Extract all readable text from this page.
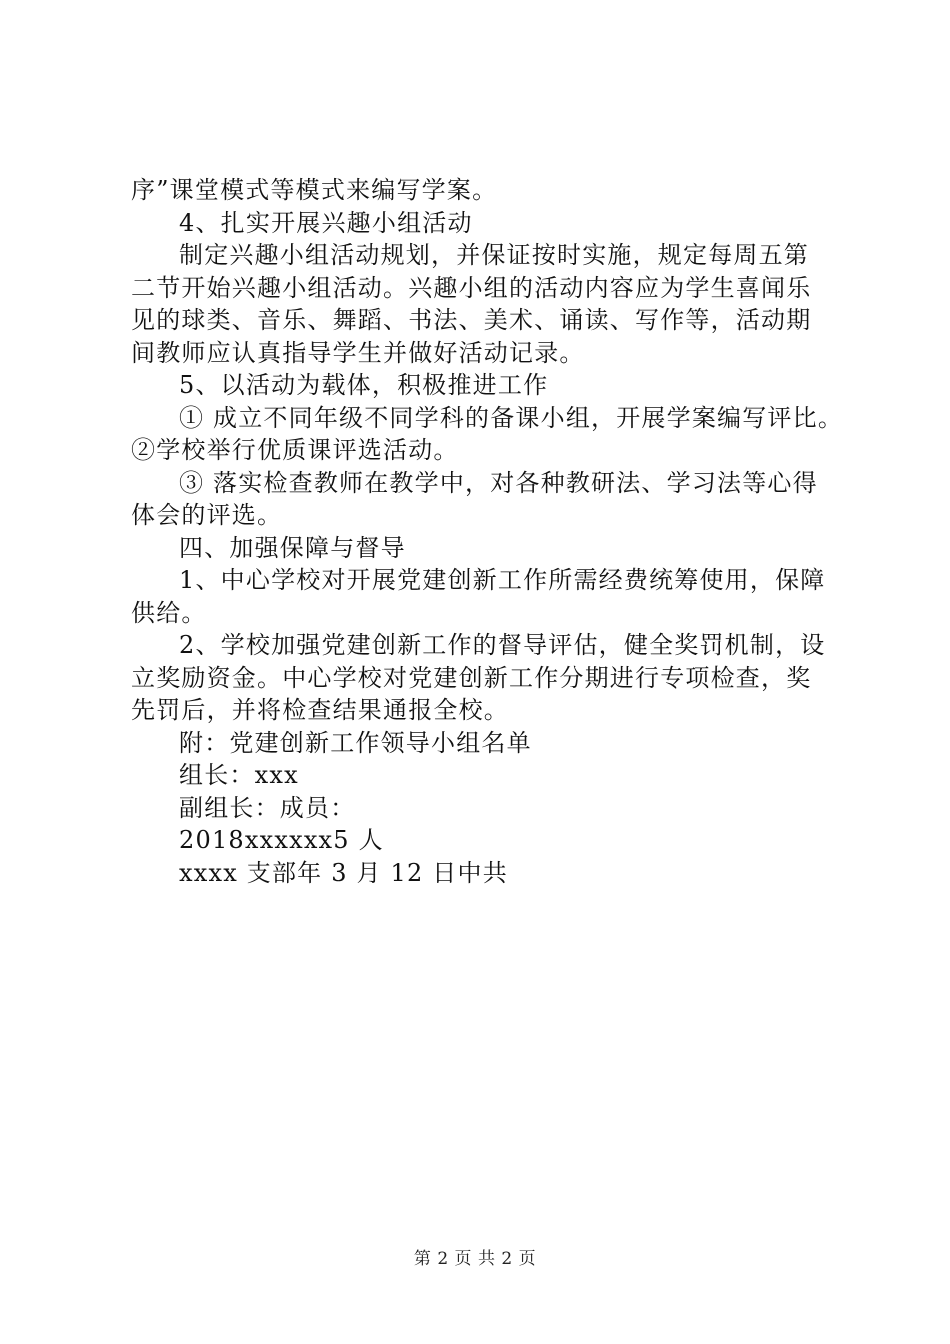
序”课堂模式等模式来编写学案。
4、扎实开展兴趣小组活动
制定兴趣小组活动规划，并保证按时实施，规定每周五第
二节开始兴趣小组活动。兴趣小组的活动内容应为学生喜闻乐
见的球类、音乐、舞蹈、书法、美术、诵读、写作等，活动期
间教师应认真指导学生并做好活动记录。
5、以活动为载体，积极推进工作
① 成立不同年级不同学科的备课小组，开展学案编写评比。
②学校举行优质课评选活动。
③ 落实检查教师在教学中，对各种教研法、学习法等心得
体会的评选。
四、加强保障与督导
1、中心学校对开展党建创新工作所需经费统筹使用，保障
供给。
2、学校加强党建创新工作的督导评估，健全奖罚机制，设
立奖励资金。中心学校对党建创新工作分期进行专项检查，奖
先罚后，并将检查结果通报全校。
附：党建创新工作领导小组名单
组长：xxx
副组长：成员：
2018xxxxxx5 人
xxxx 支部年 3 月 12 日中共
第 2 页 共 2 页
